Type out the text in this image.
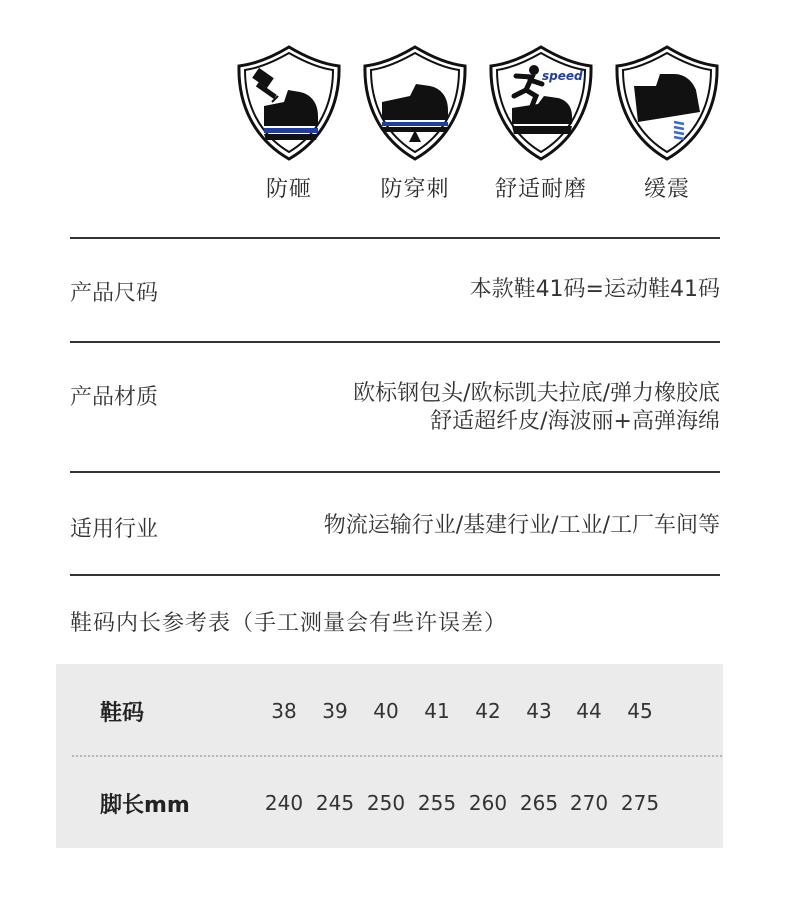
防砸	防穿刺
speed
舒适耐磨	缓震
产品尺码	本款鞋41码=运动鞋41码
产品材质	欧标钢包头/欧标凯夫拉底/弹力橡胶底
舒适超纤皮/海波丽+高弹海绵
适用行业	物流运输行业/基建行业/工业/工厂车间等
鞋码内长参考表（手工测量会有些许误差）
鞋码	38	39	40	41	42	43	44	45
脚长mm	240 245 250 255 260 265 270 275
